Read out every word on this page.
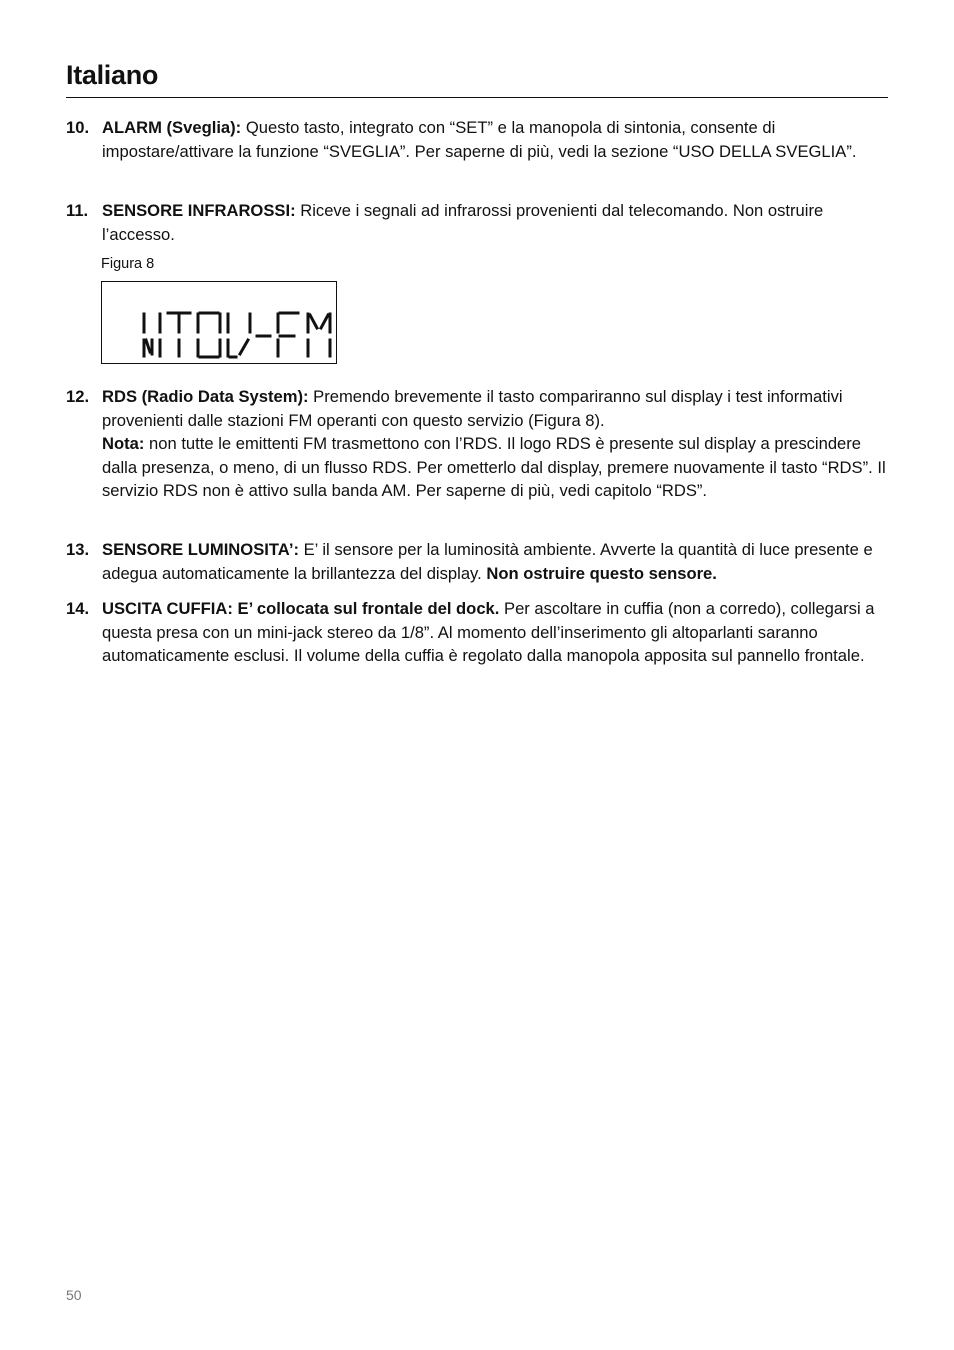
Italiano
10. ALARM (Sveglia): Questo tasto, integrato con “SET” e la manopola di sintonia, consente di impostare/attivare la funzione “SVEGLIA”. Per saperne di più, vedi la sezione “USO DELLA SVEGLIA”.

11. SENSORE INFRAROSSI: Riceve i segnali ad infrarossi provenienti dal telecomando. Non ostruire l’accesso.

Figura 8
WTOV-FM
12. RDS (Radio Data System): Premendo brevemente il tasto compariranno sul display i test informativi provenienti dalle stazioni FM operanti con questo servizio (Figura 8).

Nota: non tutte le emittenti FM trasmettono con l’RDS. Il logo RDS è presente sul display a prescindere dalla presenza, o meno, di un flusso RDS. Per ometterlo dal display, premere nuovamente il tasto “RDS”. Il servizio RDS non è attivo sulla banda AM. Per saperne di più, vedi capitolo “RDS”.

13. SENSORE LUMINOSITA’: E’ il sensore per la luminosità ambiente. Avverte la quantità di luce presente e adegua automaticamente la brillantezza del display. Non ostruire questo sensore.

14. USCITA CUFFIA: E’ collocata sul frontale del dock. Per ascoltare in cuffia (non a corredo), collegarsi a questa presa con un mini-jack stereo da 1/8”. Al momento dell’inserimento gli altoparlanti saranno automaticamente esclusi. Il volume della cuffia è regolato dalla manopola apposita sul pannello frontale.

50
